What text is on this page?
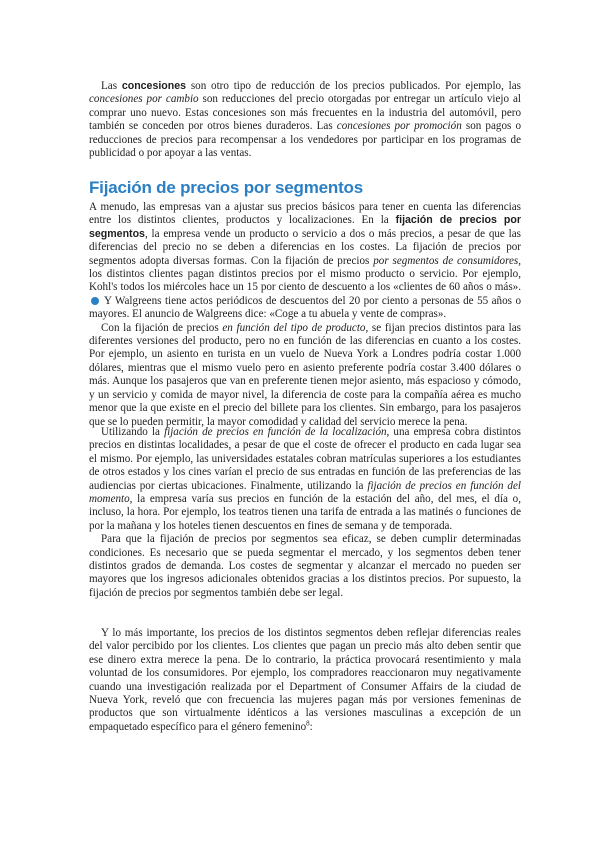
Las concesiones son otro tipo de reducción de los precios publicados. Por ejemplo, las concesiones por cambio son reducciones del precio otorgadas por entregar un artículo viejo al comprar uno nuevo. Estas concesiones son más frecuentes en la industria del automóvil, pero también se conceden por otros bienes duraderos. Las concesiones por promoción son pagos o reducciones de precios para recompensar a los vendedores por participar en los programas de publicidad o por apoyar a las ventas.

Fijación de precios por segmentos

A menudo, las empresas van a ajustar sus precios básicos para tener en cuenta las diferencias entre los distintos clientes, productos y localizaciones. En la fijación de precios por segmentos, la empresa vende un producto o servicio a dos o más precios, a pesar de que las diferencias del precio no se deben a diferencias en los costes. La fijación de precios por segmentos adopta diversas formas. Con la fijación de precios por segmentos de consumidores, los distintos clientes pagan distintos precios por el mismo producto o servicio. Por ejemplo, Kohl's todos los miércoles hace un 15 por ciento de descuento a los «clientes de 60 años o más». Y Walgreens tiene actos periódicos de descuentos del 20 por ciento a personas de 55 años o mayores. El anuncio de Walgreens dice: «Coge a tu abuela y vente de compras».

Con la fijación de precios en función del tipo de producto, se fijan precios distintos para las diferentes versiones del producto, pero no en función de las diferencias en cuanto a los costes. Por ejemplo, un asiento en turista en un vuelo de Nueva York a Londres podría costar 1.000 dólares, mientras que el mismo vuelo pero en asiento preferente podría costar 3.400 dólares o más. Aunque los pasajeros que van en preferente tienen mejor asiento, más espacioso y cómodo, y un servicio y comida de mayor nivel, la diferencia de coste para la compañía aérea es mucho menor que la que existe en el precio del billete para los clientes. Sin embargo, para los pasajeros que se lo pueden permitir, la mayor comodidad y calidad del servicio merece la pena.

Utilizando la fijación de precios en función de la localización, una empresa cobra distintos precios en distintas localidades, a pesar de que el coste de ofrecer el producto en cada lugar sea el mismo. Por ejemplo, las universidades estatales cobran matrículas superiores a los estudiantes de otros estados y los cines varían el precio de sus entradas en función de las preferencias de las audiencias por ciertas ubicaciones. Finalmente, utilizando la fijación de precios en función del momento, la empresa varía sus precios en función de la estación del año, del mes, el día o, incluso, la hora. Por ejemplo, los teatros tienen una tarifa de entrada a las matinés o funciones de por la mañana y los hoteles tienen descuentos en fines de semana y de temporada.

Para que la fijación de precios por segmentos sea eficaz, se deben cumplir determinadas condiciones. Es necesario que se pueda segmentar el mercado, y los segmentos deben tener distintos grados de demanda. Los costes de segmentar y alcanzar el mercado no pueden ser mayores que los ingresos adicionales obtenidos gracias a los distintos precios. Por supuesto, la fijación de precios por segmentos también debe ser legal.

Y lo más importante, los precios de los distintos segmentos deben reflejar diferencias reales del valor percibido por los clientes. Los clientes que pagan un precio más alto deben sentir que ese dinero extra merece la pena. De lo contrario, la práctica provocará resentimiento y mala voluntad de los consumidores. Por ejemplo, los compradores reaccionaron muy negativamente cuando una investigación realizada por el Department of Consumer Affairs de la ciudad de Nueva York, reveló que con frecuencia las mujeres pagan más por versiones femeninas de productos que son virtualmente idénticos a las versiones masculinas a excepción de un empaquetado específico para el género femenino$^8$:
